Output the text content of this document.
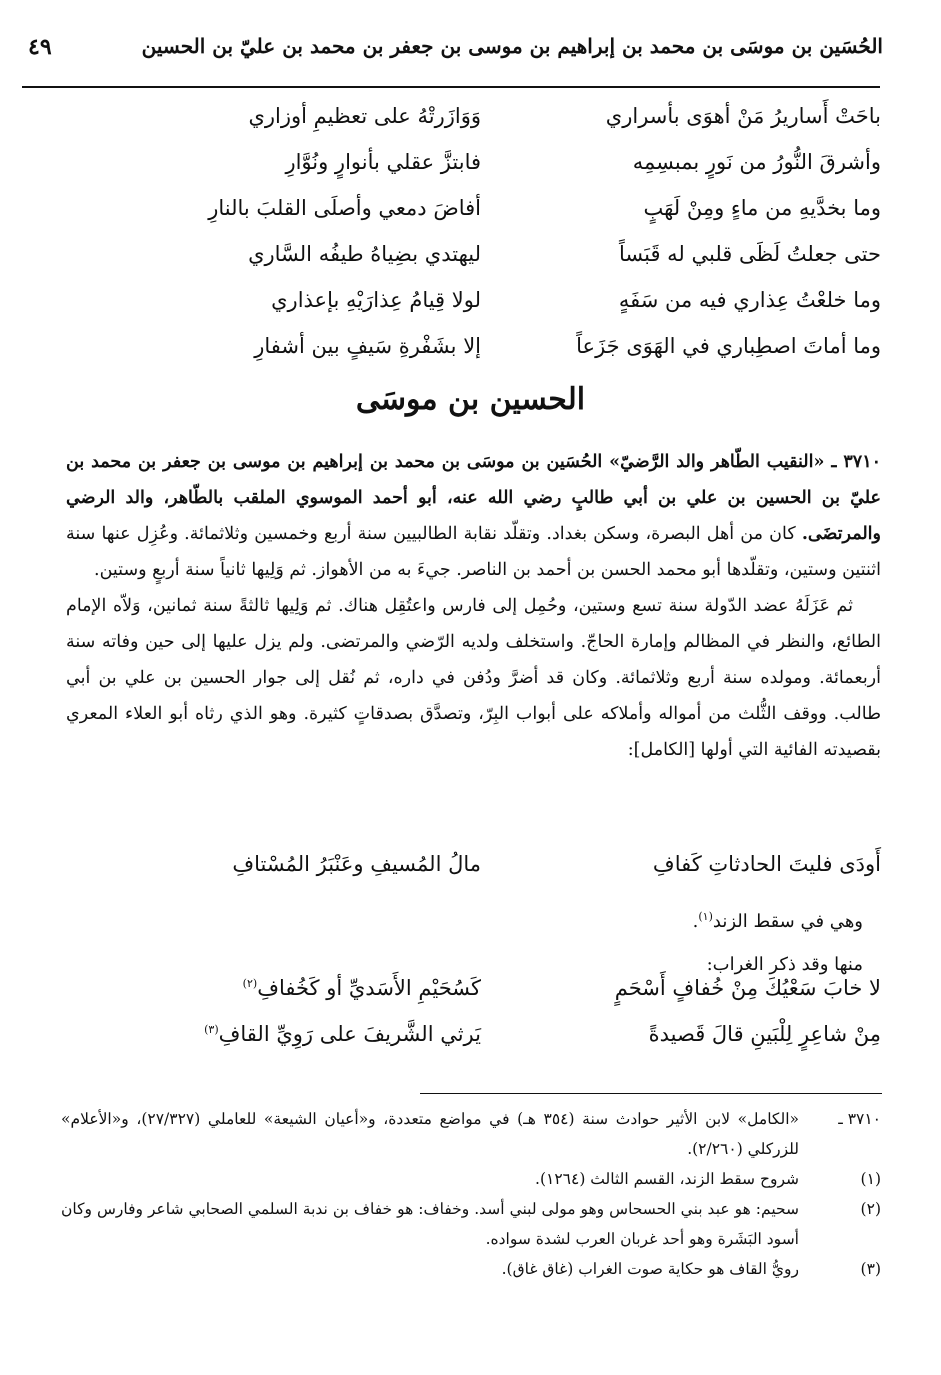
الحُسَين بن موسَى بن محمد بن إبراهيم بن موسى بن جعفر بن محمد بن عليّ بن الحسين
٤٩
باحَتْ أَساريرُ مَنْ أهوَى بأسراري
وَوَازَرتْهُ على تعظيمِ أوزاري
وأشرقَ النُّورُ من نَورٍ بمبسِمِه
فابتزَّ عقلي بأنوارٍ ونُوَّارِ
وما بخدَّيهِ من ماءٍ ومِنْ لَهَبٍ
أفاضَ دمعي وأصلَى القلبَ بالنارِ
حتى جعلتُ لَظَى قلبي له قَبَساً
ليهتدي بضِياهُ طيفُه السَّاري
وما خلعْتُ عِذاري فيه من سَفَهٍ
لولا قِيامُ عِذارَيْهِ بإعذاري
وما أماتَ اصطِباري في الهَوَى جَزَعاً
إلا بشَفْرةِ سَيفٍ بين أشفارِ
الحسين بن موسَى

٣٧١٠ ـ «النقيب الطّاهر والد الرَّضيّ» الحُسَين بن موسَى بن محمد بن إبراهيم بن موسى بن جعفر بن محمد بن عليّ بن الحسين بن علي بن أبي طالبٍ رضي الله عنه، أبو أحمد الموسوي الملقب بالطّاهر، والد الرضي والمرتضَى. كان من أهل البصرة، وسكن بغداد. وتقلّد نقابة الطالبيين سنة أربع وخمسين وثلاثمائة. وعُزِل عنها سنة اثنتين وستين، وتقلّدها أبو محمد الحسن بن أحمد بن الناصر. جيءَ به من الأهواز. ثم وَلِيها ثانياً سنة أربعٍ وستين.

ثم عَزَلَهُ عضد الدّولة سنة تسع وستين، وحُمِل إلى فارس واعتُقِل هناك. ثم وَلِيها ثالثةً سنة ثمانين، وَلاّه الإمام الطائع، والنظر في المظالم وإمارة الحاجّ. واستخلف ولديه الرّضي والمرتضى. ولم يزل عليها إلى حين وفاته سنة أربعمائة. ومولده سنة أربع وثلاثمائة. وكان قد أضرَّ ودُفن في داره، ثم نُقل إلى جوار الحسين بن علي بن أبي طالب. ووقف الثُّلث من أمواله وأملاكه على أبواب البِرّ، وتصدَّق بصدقاتٍ كثيرة. وهو الذي رثاه أبو العلاء المعري بقصيدته الفائية التي أولها [الكامل]:

أَودَى فليتَ الحادثاتِ كَفافِ
مالُ المُسيفِ وعَنْبَرُ المُسْتافِ
وهي في سقط الزند$^{(١)}$.
منها وقد ذكر الغراب:
لا خابَ سَعْيُكَ مِنْ خُفافٍ أَسْحَمٍ
كَسُحَيْمِ الأَسَديِّ أو كَخُفافِ$^{(٢)}$
مِنْ شاعِرٍ لِلْبَينِ قالَ قَصيدةً
يَرثي الشَّريفَ على رَوِيِّ القافِ$^{(٣)}$
٣٧١٠ ـ
«الكامل» لابن الأثير حوادث سنة (٣٥٤ هـ) في مواضع متعددة، و«أعيان الشيعة» للعاملي (٢٧/٣٢٧)، و«الأعلام» للزركلي (٢/٢٦٠).
(١)
شروح سقط الزند، القسم الثالث (١٢٦٤).
(٢)
سحيم: هو عبد بني الحسحاس وهو مولى لبني أسد. وخفاف: هو خفاف بن ندبة السلمي الصحابي شاعر وفارس وكان أسود البَشَرة وهو أحد غربان العرب لشدة سواده.
(٣)
رويُّ القاف هو حكاية صوت الغراب (غاق غاق).
